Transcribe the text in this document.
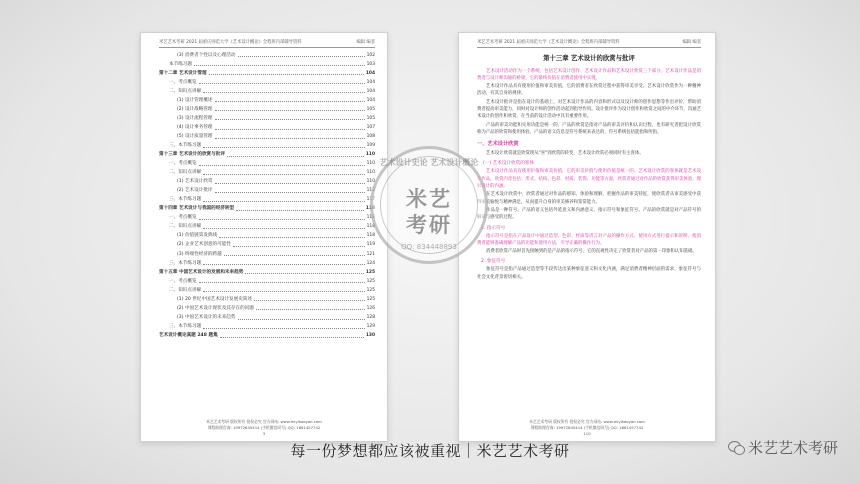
米艺艺术考研 2021 届重庆师范大学《艺术设计概论》全程班内部辅导资料	编辑 编者
(3) 消费者个性以及心理活动	102
本节练习题	103
第十二章 艺术设计管理	104
一、考点概览	104
二、知识点讲解	104
(1) 设计管理概述	104
(2) 设计战略管理	105
(3) 设计流程管理	105
(4) 设计事务管理	107
(5) 设计质量管理	108
三、本节练习题	109
第十三章 艺术设计的欣赏与批评	110
一、考点概览	110
二、知识点讲解	110
(1) 艺术设计欣赏	110
(2) 艺术设计批评	112
三、本节练习题	117
第十四章 艺术设计与我国的经济转型	118
一、考点概览	118
二、知识点讲解	118
(1) 价值链第发典线	118
(2) 企业艺术创意的可能性	119
(3) 终端性经济的跨越	121
三、本节练习题	124
第十五章 中国艺术设计的发展和未来趋势	125
一、考点概览	125
二、知识点讲解	125
(1) 20 世纪中国艺术设计发展史简述	125
(2) 中国艺术设计现状及其存在的问题	126
(3) 中国艺术设计的未来趋势	128
三、本节练习题	129
艺术设计概论真题 248 题集	130
米艺艺术考研 版权所有 侵权必究 官方网站: www.miyikaoyan.com
课程助理咨询: 19972645414 (手机微信同号) QQ: 1661457742
3
米艺艺术考研 2021 届重庆师范大学《艺术设计概论》全程班内部辅导资料	编辑 编者
第十三章 艺术设计的欣赏与批评
艺术设计活动作为一个系统，包括艺术设计创作、艺术设计作品和艺术设计欣赏三个部分。艺术设计作品是消费者与设计师沟通的桥梁，它的最终价值在消费者使用中实现。
艺术设计作品具有使用价值和审美价值，它的消费者在欣赏过程中获得审美享受。艺术设计欣赏作为一种精神活动，有其自身的规律。
艺术设计批评是指在设计的基础上，对艺术设计作品的内容和形式以及设计师的创作思想等作出评价，帮助消费者提高审美能力，同时对设计师的创作活动起到指导作用。设计批评作为设计创作和欣赏之间的中介环节，沟通艺术设计的创作和欣赏，在当前的设计活动中具有重要作用。
产品的审美功能和实用功能是统一的，产品的欣赏是指对产品的审美评价和认识过程，也有研究者把设计欣赏称为产品的欣赏和使用体验。产品的语义信息是符号系统来表达的，符号系统包括能指和所指。
一、艺术设计欣赏
艺术设计欣赏就是欣赏现从"喜"到欣赏的转变，艺术设计欣赏必须同时有主客体。
(一) 艺术设计欣赏的客体
艺术设计作品具有使用价值和审美价值，它的审美价值与使用价值是统一的。艺术设计欣赏的客体就是艺术设计作品，欣赏内容包括：形式、结构、色彩、材质、装饰、功能等方面，欣赏者通过对作品的欣赏获得审美体验，理解设计的内涵。
在艺术设计欣赏中，欣赏者通过对作品的感知、体验和理解，把握作品的审美特征，使欣赏者从审美感受中获得审美愉悦与精神满足，从而提升自身的审美修养和鉴赏能力。
作品是一种符号，产品的语义包括外延意义和内涵意义，指示符号和象征符号。产品的欣赏就是对产品符号的解读与感受的过程。
1. 指示符号
指示符号是指在产品设计中通过造型、色彩、材质等语言对产品的操作方式、使用方式进行提示和说明，使消费者能够准确理解产品的功能和使用方法，引导正确的操作行为。
消费者欣赏产品时首先接触到的是产品的指示符号，它的直观性决定了欣赏者对产品的第一印象和认知基础。
2. 象征符号
象征符号是指产品通过造型等手段传达出某种象征意义和文化内涵，满足消费者精神层面的需求，象征符号与社会文化背景密切相关。
米艺艺术考研 版权所有 侵权必究 官方网站: www.miyikaoyan.com
课程助理咨询: 19972645414 (手机微信同号) QQ: 1661457742
110
艺术设计史论 艺术设计概论
米艺
考研
QQ: 834448893
每一份梦想都应该被重视｜米艺艺术考研	米艺艺术考研
